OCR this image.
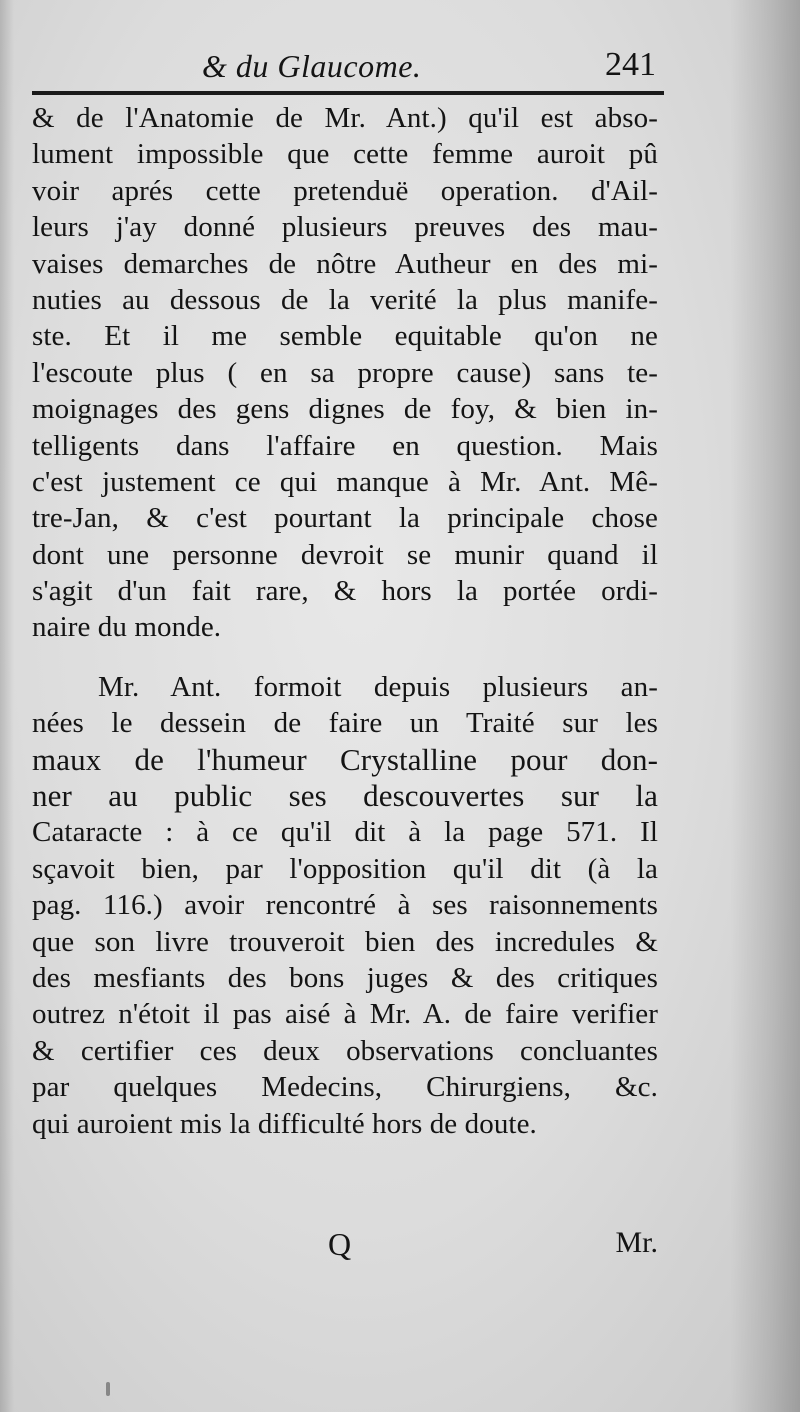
& du Glaucome.	241
& de l'Anatomie de Mr. Ant.) qu'il est abso-
lument impossible que cette femme auroit pû
voir aprés cette pretenduë operation. d'Ail-
leurs j'ay donné plusieurs preuves des mau-
vaises demarches de nôtre Autheur en des mi-
nuties au dessous de la verité la plus manife-
ste. Et il me semble equitable qu'on ne
l'escoute plus ( en sa propre cause) sans te-
moignages des gens dignes de foy, & bien in-
telligents dans l'affaire en question. Mais
c'est justement ce qui manque à Mr. Ant. Mê-
tre-Jan, & c'est pourtant la principale chose
dont une personne devroit se munir quand il
s'agit d'un fait rare, & hors la portée ordi-
naire du monde.
Mr. Ant. formoit depuis plusieurs an-
nées le dessein de faire un Traité sur les
maux de l'humeur Crystalline pour don-
ner au public ses descouvertes sur la
Cataracte : à ce qu'il dit à la page 571. Il
sçavoit bien, par l'opposition qu'il dit (à la
pag. 116.) avoir rencontré à ses raisonnements
que son livre trouveroit bien des incredules &
des mesfiants des bons juges & des critiques
outrez n'étoit il pas aisé à Mr. A. de faire verifier
& certifier ces deux observations concluantes
par quelques Medecins, Chirurgiens, &c.
qui auroient mis la difficulté hors de doute.
Q	Mr.
